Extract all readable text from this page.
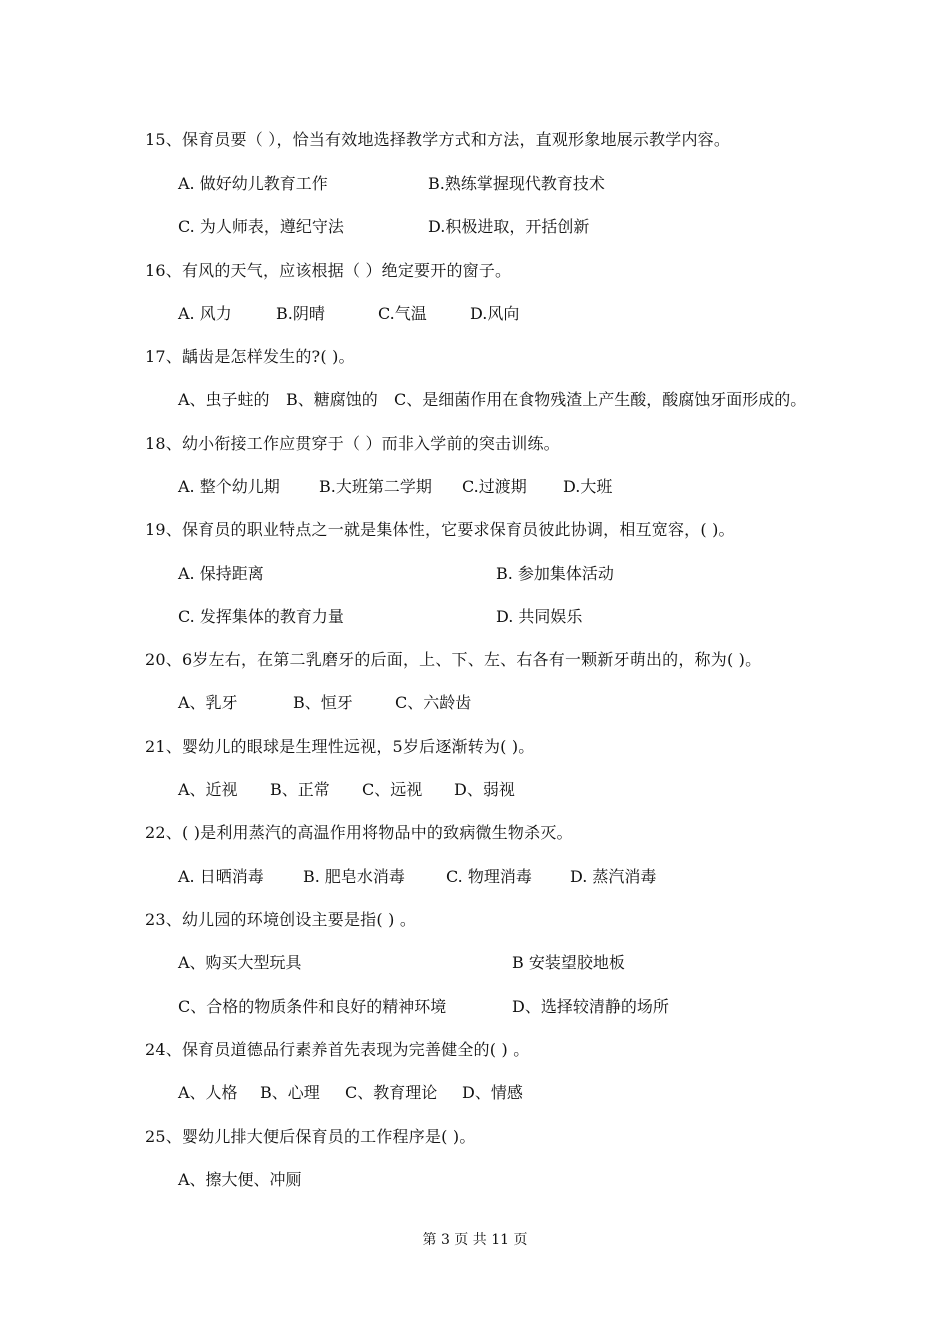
15、保育员要（ ），恰当有效地选择教学方式和方法，直观形象地展示教学内容。
A. 做好幼儿教育工作	B.熟练掌握现代教育技术
C. 为人师表，遵纪守法	D.积极进取，开括创新
16、有风的天气，应该根据（ ）绝定要开的窗子。
A. 风力	B.阴晴	C.气温	D.风向
17、龋齿是怎样发生的?( )。
A、虫子蛀的 B、糖腐蚀的 C、是细菌作用在食物残渣上产生酸，酸腐蚀牙面形成的。
18、幼小衔接工作应贯穿于（ ）而非入学前的突击训练。
A. 整个幼儿期 B.大班第二学期 C.过渡期 D.大班
19、保育员的职业特点之一就是集体性，它要求保育员彼此协调，相互宽容，( )。
A. 保持距离	B. 参加集体活动
C. 发挥集体的教育力量	D. 共同娱乐
20、6岁左右，在第二乳磨牙的后面，上、下、左、右各有一颗新牙萌出的，称为( )。
A、乳牙	B、恒牙	C、六龄齿
21、婴幼儿的眼球是生理性远视，5岁后逐渐转为( )。
A、近视 B、正常 C、远视 D、弱视
22、( )是利用蒸汽的高温作用将物品中的致病微生物杀灭。
A. 日晒消毒 B. 肥皂水消毒	C. 物理消毒 D. 蒸汽消毒
23、幼儿园的环境创设主要是指( ) 。
A、购买大型玩具	B 安装望胶地板
C、合格的物质条件和良好的精神环境	D、选择较清静的场所
24、保育员道德品行素养首先表现为完善健全的( ) 。
A、人格 B、心理 C、教育理论 D、情感
25、婴幼儿排大便后保育员的工作程序是( )。
A、擦大便、冲厕
第 3 页 共 11 页
